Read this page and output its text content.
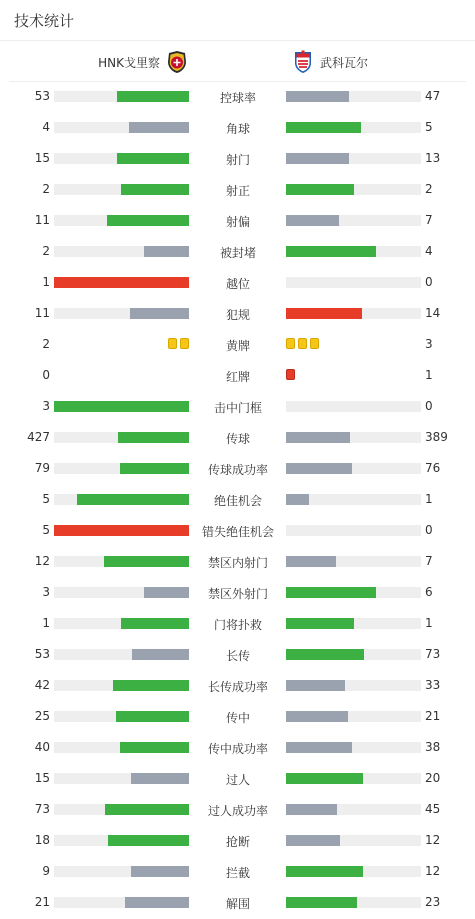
技术统计
HNK戈里察	武科瓦尔
53	控球率	47
4	角球	5
15	射门	13
2	射正	2
11	射偏	7
2	被封堵	4
1	越位	0
11	犯规	14
2	黄牌	3
0	红牌	1
3	击中门框	0
427	传球	389
79	传球成功率	76
5	绝佳机会	1
5	错失绝佳机会	0
12	禁区内射门	7
3	禁区外射门	6
1	门将扑救	1
53	长传	73
42	长传成功率	33
25	传中	21
40	传中成功率	38
15	过人	20
73	过人成功率	45
18	抢断	12
9	拦截	12
21	解围	23
